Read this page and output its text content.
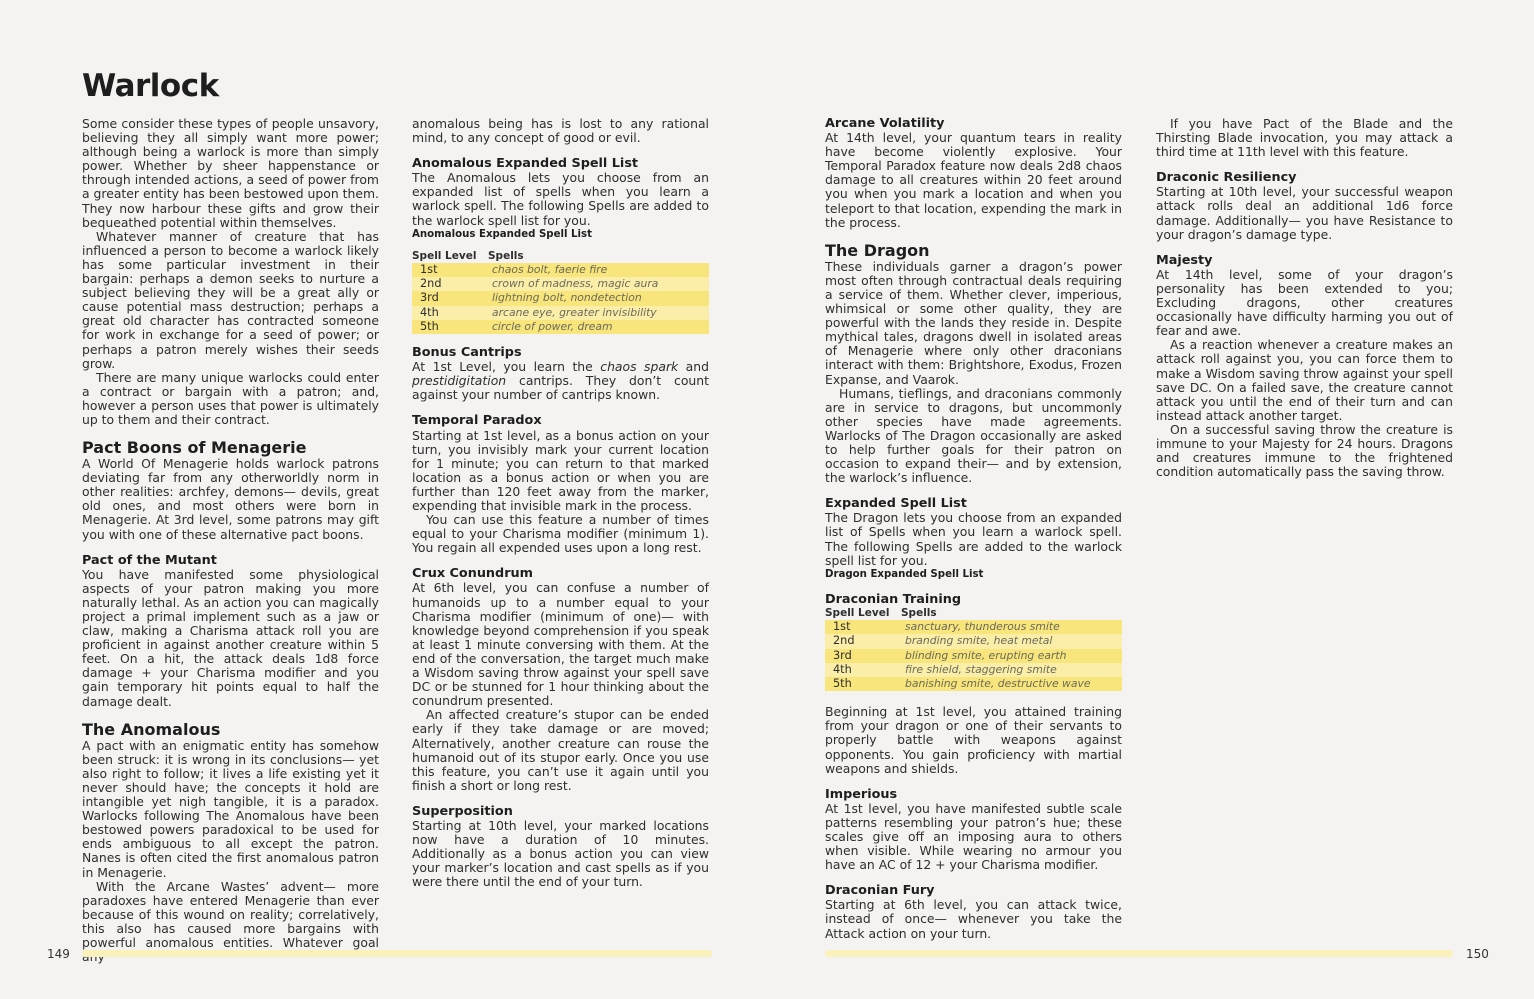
Warlock

Some consider these types of people unsavory, believing they all simply want more power; although being a warlock is more than simply power. Whether by sheer happenstance or through intended actions, a seed of power from a greater entity has been bestowed upon them. They now harbour these gifts and grow their bequeathed potential within themselves.

Whatever manner of creature that has influenced a person to become a warlock likely has some particular investment in their bargain: perhaps a demon seeks to nurture a subject believing they will be a great ally or cause potential mass destruction; perhaps a great old character has contracted someone for work in exchange for a seed of power; or perhaps a patron merely wishes their seeds grow.

There are many unique warlocks could enter a contract or bargain with a patron; and, however a person uses that power is ultimately up to them and their contract.

Pact Boons of Menagerie

A World Of Menagerie holds warlock patrons deviating far from any otherworldly norm in other realities: archfey, demons— devils, great old ones, and most others were born in Menagerie. At 3rd level, some patrons may gift you with one of these alternative pact boons.

Pact of the Mutant

You have manifested some physiological aspects of your patron making you more naturally lethal. As an action you can magically project a primal implement such as a jaw or claw, making a Charisma attack roll you are proficient in against another creature within 5 feet. On a hit, the attack deals 1d8 force damage + your Charisma modifier and you gain temporary hit points equal to half the damage dealt.

The Anomalous

A pact with an enigmatic entity has somehow been struck: it is wrong in its conclusions— yet also right to follow; it lives a life existing yet it never should have; the concepts it hold are intangible yet nigh tangible, it is a paradox. Warlocks following The Anomalous have been bestowed powers paradoxical to be used for ends ambiguous to all except the patron. Nanes is often cited the first anomalous patron in Menagerie.

With the Arcane Wastes’ advent— more paradoxes have entered Menagerie than ever because of this wound on reality; correlatively, this also has caused more bargains with powerful anomalous entities. Whatever goal

anomalous being has is lost to any rational mind, to any concept of good or evil.

Anomalous Expanded Spell List

The Anomalous lets you choose from an expanded list of spells when you learn a warlock spell. The following Spells are added to the warlock spell list for you.

Anomalous Expanded Spell List

Spell Level	Spells
1st	chaos bolt, faerie fire
2nd	crown of madness, magic aura
3rd	lightning bolt, nondetection
4th	arcane eye, greater invisibility
5th	circle of power, dream
Bonus Cantrips

At 1st Level, you learn the chaos spark and prestidigitation cantrips. They don’t count against your number of cantrips known.

Temporal Paradox

Starting at 1st level, as a bonus action on your turn, you invisibly mark your current location for 1 minute; you can return to that marked location as a bonus action or when you are further than 120 feet away from the marker, expending that invisible mark in the process.

You can use this feature a number of times equal to your Charisma modifier (minimum 1). You regain all expended uses upon a long rest.

Crux Conundrum

At 6th level, you can confuse a number of humanoids up to a number equal to your Charisma modifier (minimum of one)— with knowledge beyond comprehension if you speak at least 1 minute conversing with them. At the end of the conversation, the target much make a Wisdom saving throw against your spell save DC or be stunned for 1 hour thinking about the conundrum presented.

An affected creature’s stupor can be ended early if they take damage or are moved; Alternatively, another creature can rouse the humanoid out of its stupor early. Once you use this feature, you can’t use it again until you finish a short or long rest.

Superposition

Starting at 10th level, your marked locations now have a duration of 10 minutes. Additionally as a bonus action you can view your marker’s location and cast spells as if you were there until the end of your turn.

Arcane Volatility

At 14th level, your quantum tears in reality have become violently explosive. Your Temporal Paradox feature now deals 2d8 chaos damage to all creatures within 20 feet around you when you mark a location and when you teleport to that location, expending the mark in the process.

The Dragon

These individuals garner a dragon’s power most often through contractual deals requiring a service of them. Whether clever, imperious, whimsical or some other quality, they are powerful with the lands they reside in. Despite mythical tales, dragons dwell in isolated areas of Menagerie where only other draconians interact with them: Brightshore, Exodus, Frozen Expanse, and Vaarok.

Humans, tieflings, and draconians commonly are in service to dragons, but uncommonly other species have made agreements. Warlocks of The Dragon occasionally are asked to help further goals for their patron on occasion to expand their— and by extension, the warlock’s influence.

Expanded Spell List

The Dragon lets you choose from an expanded list of Spells when you learn a warlock spell. The following Spells are added to the warlock spell list for you.

Dragon Expanded Spell List

Draconian Training
Spell Level	Spells
1st	sanctuary, thunderous smite
2nd	branding smite, heat metal
3rd	blinding smite, erupting earth
4th	fire shield, staggering smite
5th	banishing smite, destructive wave

Beginning at 1st level, you attained training from your dragon or one of their servants to properly battle with weapons against opponents. You gain proficiency with martial weapons and shields.

Imperious

At 1st level, you have manifested subtle scale patterns resembling your patron’s hue; these scales give off an imposing aura to others when visible. While wearing no armour you have an AC of 12 + your Charisma modifier.

Draconian Fury

Starting at 6th level, you can attack twice, instead of once— whenever you take the Attack action on your turn.

If you have Pact of the Blade and the Thirsting Blade invocation, you may attack a third time at 11th level with this feature.

Draconic Resiliency

Starting at 10th level, your successful weapon attack rolls deal an additional 1d6 force damage. Additionally— you have Resistance to your dragon’s damage type.

Majesty

At 14th level, some of your dragon’s personality has been extended to you; Excluding dragons, other creatures occasionally have difficulty harming you out of fear and awe.

As a reaction whenever a creature makes an attack roll against you, you can force them to make a Wisdom saving throw against your spell save DC. On a failed save, the creature cannot attack you until the end of their turn and can instead attack another target.

On a successful saving throw the creature is immune to your Majesty for 24 hours. Dragons and creatures immune to the frightened condition automatically pass the saving throw.

149	150
